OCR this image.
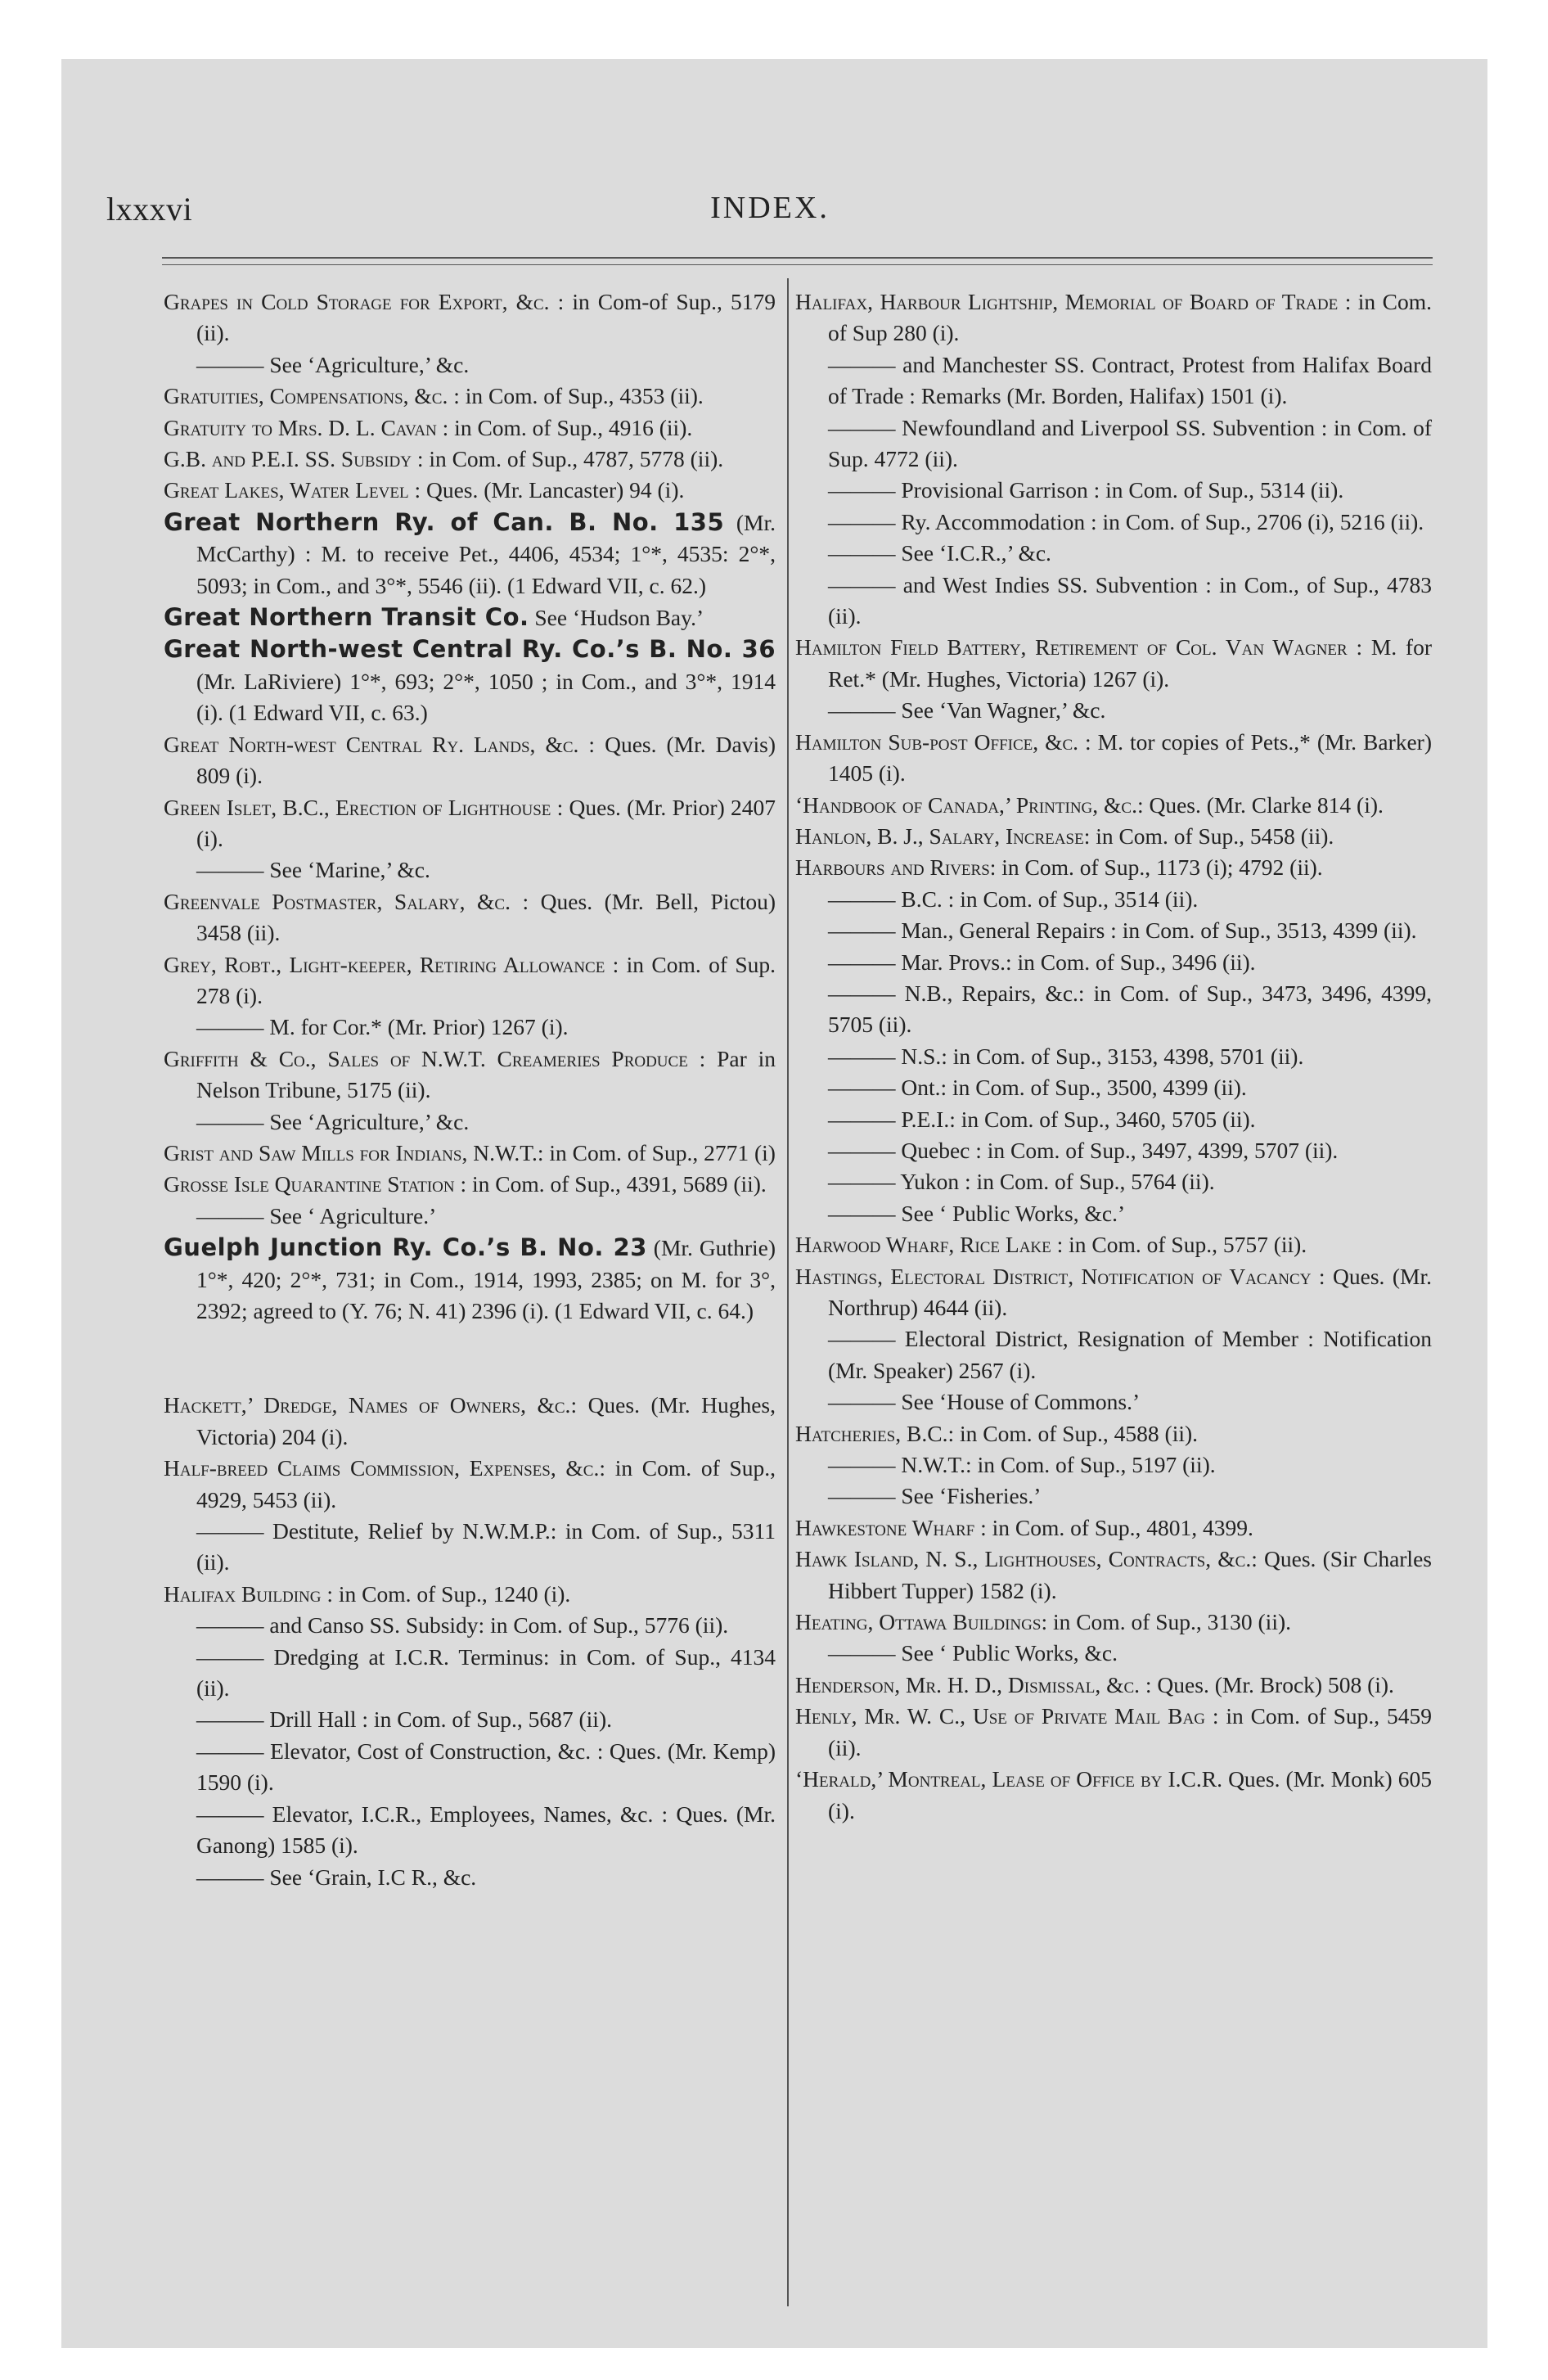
lxxxvi	INDEX.
Grapes in Cold Storage for Export, &c. : in Com-of Sup., 5179 (ii).
——— See ‘Agriculture,’ &c.
Gratuities, Compensations, &c. : in Com. of Sup., 4353 (ii).
Gratuity to Mrs. D. L. Cavan : in Com. of Sup., 4916 (ii).
G.B. and P.E.I. SS. Subsidy : in Com. of Sup., 4787, 5778 (ii).
Great Lakes, Water Level : Ques. (Mr. Lancaster) 94 (i).
Great Northern Ry. of Can. B. No. 135 (Mr. McCarthy) : M. to receive Pet., 4406, 4534; 1°*, 4535: 2°*, 5093; in Com., and 3°*, 5546 (ii). (1 Edward VII, c. 62.)
Great Northern Transit Co. See ‘Hudson Bay.’
Great North-west Central Ry. Co.’s B. No. 36 (Mr. LaRiviere) 1°*, 693; 2°*, 1050 ; in Com., and 3°*, 1914 (i). (1 Edward VII, c. 63.)
Great North-west Central Ry. Lands, &c. : Ques. (Mr. Davis) 809 (i).
Green Islet, B.C., Erection of Lighthouse : Ques. (Mr. Prior) 2407 (i).
——— See ‘Marine,’ &c.
Greenvale Postmaster, Salary, &c. : Ques. (Mr. Bell, Pictou) 3458 (ii).
Grey, Robt., Light-keeper, Retiring Allowance : in Com. of Sup. 278 (i).
——— M. for Cor.* (Mr. Prior) 1267 (i).
Griffith & Co., Sales of N.W.T. Creameries Produce : Par in Nelson Tribune, 5175 (ii).
——— See ‘Agriculture,’ &c.
Grist and Saw Mills for Indians, N.W.T.: in Com. of Sup., 2771 (i)
Grosse Isle Quarantine Station : in Com. of Sup., 4391, 5689 (ii).
——— See ‘ Agriculture.’
Guelph Junction Ry. Co.’s B. No. 23 (Mr. Guthrie) 1°*, 420; 2°*, 731; in Com., 1914, 1993, 2385; on M. for 3°, 2392; agreed to (Y. 76; N. 41) 2396 (i). (1 Edward VII, c. 64.)
Hackett,’ Dredge, Names of Owners, &c.: Ques. (Mr. Hughes, Victoria) 204 (i).
Half-breed Claims Commission, Expenses, &c.: in Com. of Sup., 4929, 5453 (ii).
——— Destitute, Relief by N.W.M.P.: in Com. of Sup., 5311 (ii).
Halifax Building : in Com. of Sup., 1240 (i).
——— and Canso SS. Subsidy: in Com. of Sup., 5776 (ii).
——— Dredging at I.C.R. Terminus: in Com. of Sup., 4134 (ii).
——— Drill Hall : in Com. of Sup., 5687 (ii).
——— Elevator, Cost of Construction, &c. : Ques. (Mr. Kemp) 1590 (i).
——— Elevator, I.C.R., Employees, Names, &c. : Ques. (Mr. Ganong) 1585 (i).
——— See ‘Grain, I.C R., &c.
Halifax, Harbour Lightship, Memorial of Board of Trade : in Com. of Sup 280 (i).
——— and Manchester SS. Contract, Protest from Halifax Board of Trade : Remarks (Mr. Borden, Halifax) 1501 (i).
——— Newfoundland and Liverpool SS. Subvention : in Com. of Sup. 4772 (ii).
——— Provisional Garrison : in Com. of Sup., 5314 (ii).
——— Ry. Accommodation : in Com. of Sup., 2706 (i), 5216 (ii).
——— See ‘I.C.R.,’ &c.
——— and West Indies SS. Subvention : in Com., of Sup., 4783 (ii).
Hamilton Field Battery, Retirement of Col. Van Wagner : M. for Ret.* (Mr. Hughes, Victoria) 1267 (i).
——— See ‘Van Wagner,’ &c.
Hamilton Sub-post Office, &c. : M. tor copies of Pets.,* (Mr. Barker) 1405 (i).
‘Handbook of Canada,’ Printing, &c.: Ques. (Mr. Clarke 814 (i).
Hanlon, B. J., Salary, Increase: in Com. of Sup., 5458 (ii).
Harbours and Rivers: in Com. of Sup., 1173 (i); 4792 (ii).
——— B.C. : in Com. of Sup., 3514 (ii).
——— Man., General Repairs : in Com. of Sup., 3513, 4399 (ii).
——— Mar. Provs.: in Com. of Sup., 3496 (ii).
——— N.B., Repairs, &c.: in Com. of Sup., 3473, 3496, 4399, 5705 (ii).
——— N.S.: in Com. of Sup., 3153, 4398, 5701 (ii).
——— Ont.: in Com. of Sup., 3500, 4399 (ii).
——— P.E.I.: in Com. of Sup., 3460, 5705 (ii).
——— Quebec : in Com. of Sup., 3497, 4399, 5707 (ii).
——— Yukon : in Com. of Sup., 5764 (ii).
——— See ‘ Public Works, &c.’
Harwood Wharf, Rice Lake : in Com. of Sup., 5757 (ii).
Hastings, Electoral District, Notification of Vacancy : Ques. (Mr. Northrup) 4644 (ii).
——— Electoral District, Resignation of Member : Notification (Mr. Speaker) 2567 (i).
——— See ‘House of Commons.’
Hatcheries, B.C.: in Com. of Sup., 4588 (ii).
——— N.W.T.: in Com. of Sup., 5197 (ii).
——— See ‘Fisheries.’
Hawkestone Wharf : in Com. of Sup., 4801, 4399.
Hawk Island, N. S., Lighthouses, Contracts, &c.: Ques. (Sir Charles Hibbert Tupper) 1582 (i).
Heating, Ottawa Buildings: in Com. of Sup., 3130 (ii).
——— See ‘ Public Works, &c.
Henderson, Mr. H. D., Dismissal, &c. : Ques. (Mr. Brock) 508 (i).
Henly, Mr. W. C., Use of Private Mail Bag : in Com. of Sup., 5459 (ii).
‘Herald,’ Montreal, Lease of Office by I.C.R. Ques. (Mr. Monk) 605 (i).
